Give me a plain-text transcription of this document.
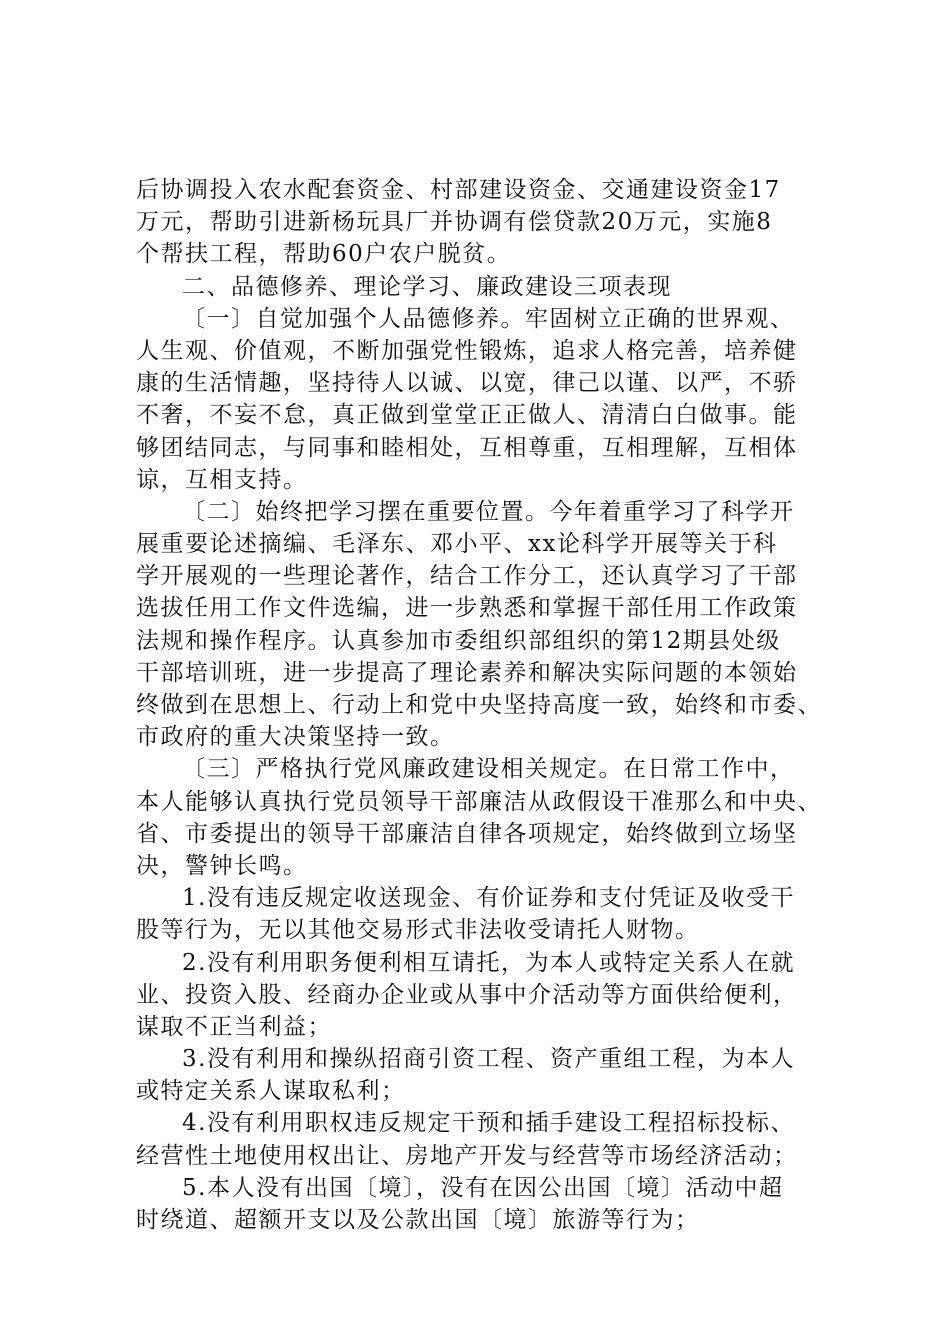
后协调投入农水配套资金、村部建设资金、交通建设资金17
万元，帮助引进新杨玩具厂并协调有偿贷款20万元，实施8
个帮扶工程，帮助60户农户脱贫。
二、品德修养、理论学习、廉政建设三项表现
〔一〕自觉加强个人品德修养。牢固树立正确的世界观、
人生观、价值观，不断加强党性锻炼，追求人格完善，培养健
康的生活情趣，坚持待人以诚、以宽，律己以谨、以严，不骄
不奢，不妄不怠，真正做到堂堂正正做人、清清白白做事。能
够团结同志，与同事和睦相处，互相尊重，互相理解，互相体
谅，互相支持。
〔二〕始终把学习摆在重要位置。今年着重学习了科学开
展重要论述摘编、毛泽东、邓小平、xx论科学开展等关于科
学开展观的一些理论著作，结合工作分工，还认真学习了干部
选拔任用工作文件选编，进一步熟悉和掌握干部任用工作政策
法规和操作程序。认真参加市委组织部组织的第12期县处级
干部培训班，进一步提高了理论素养和解决实际问题的本领始
终做到在思想上、行动上和党中央坚持高度一致，始终和市委、
市政府的重大决策坚持一致。
〔三〕严格执行党风廉政建设相关规定。在日常工作中，
本人能够认真执行党员领导干部廉洁从政假设干准那么和中央、
省、市委提出的领导干部廉洁自律各项规定，始终做到立场坚
决，警钟长鸣。
1.没有违反规定收送现金、有价证券和支付凭证及收受干
股等行为，无以其他交易形式非法收受请托人财物。
2.没有利用职务便利相互请托，为本人或特定关系人在就
业、投资入股、经商办企业或从事中介活动等方面供给便利，
谋取不正当利益；
3.没有利用和操纵招商引资工程、资产重组工程，为本人
或特定关系人谋取私利；
4.没有利用职权违反规定干预和插手建设工程招标投标、
经营性土地使用权出让、房地产开发与经营等市场经济活动；
5.本人没有出国〔境〕，没有在因公出国〔境〕活动中超
时绕道、超额开支以及公款出国〔境〕旅游等行为；
